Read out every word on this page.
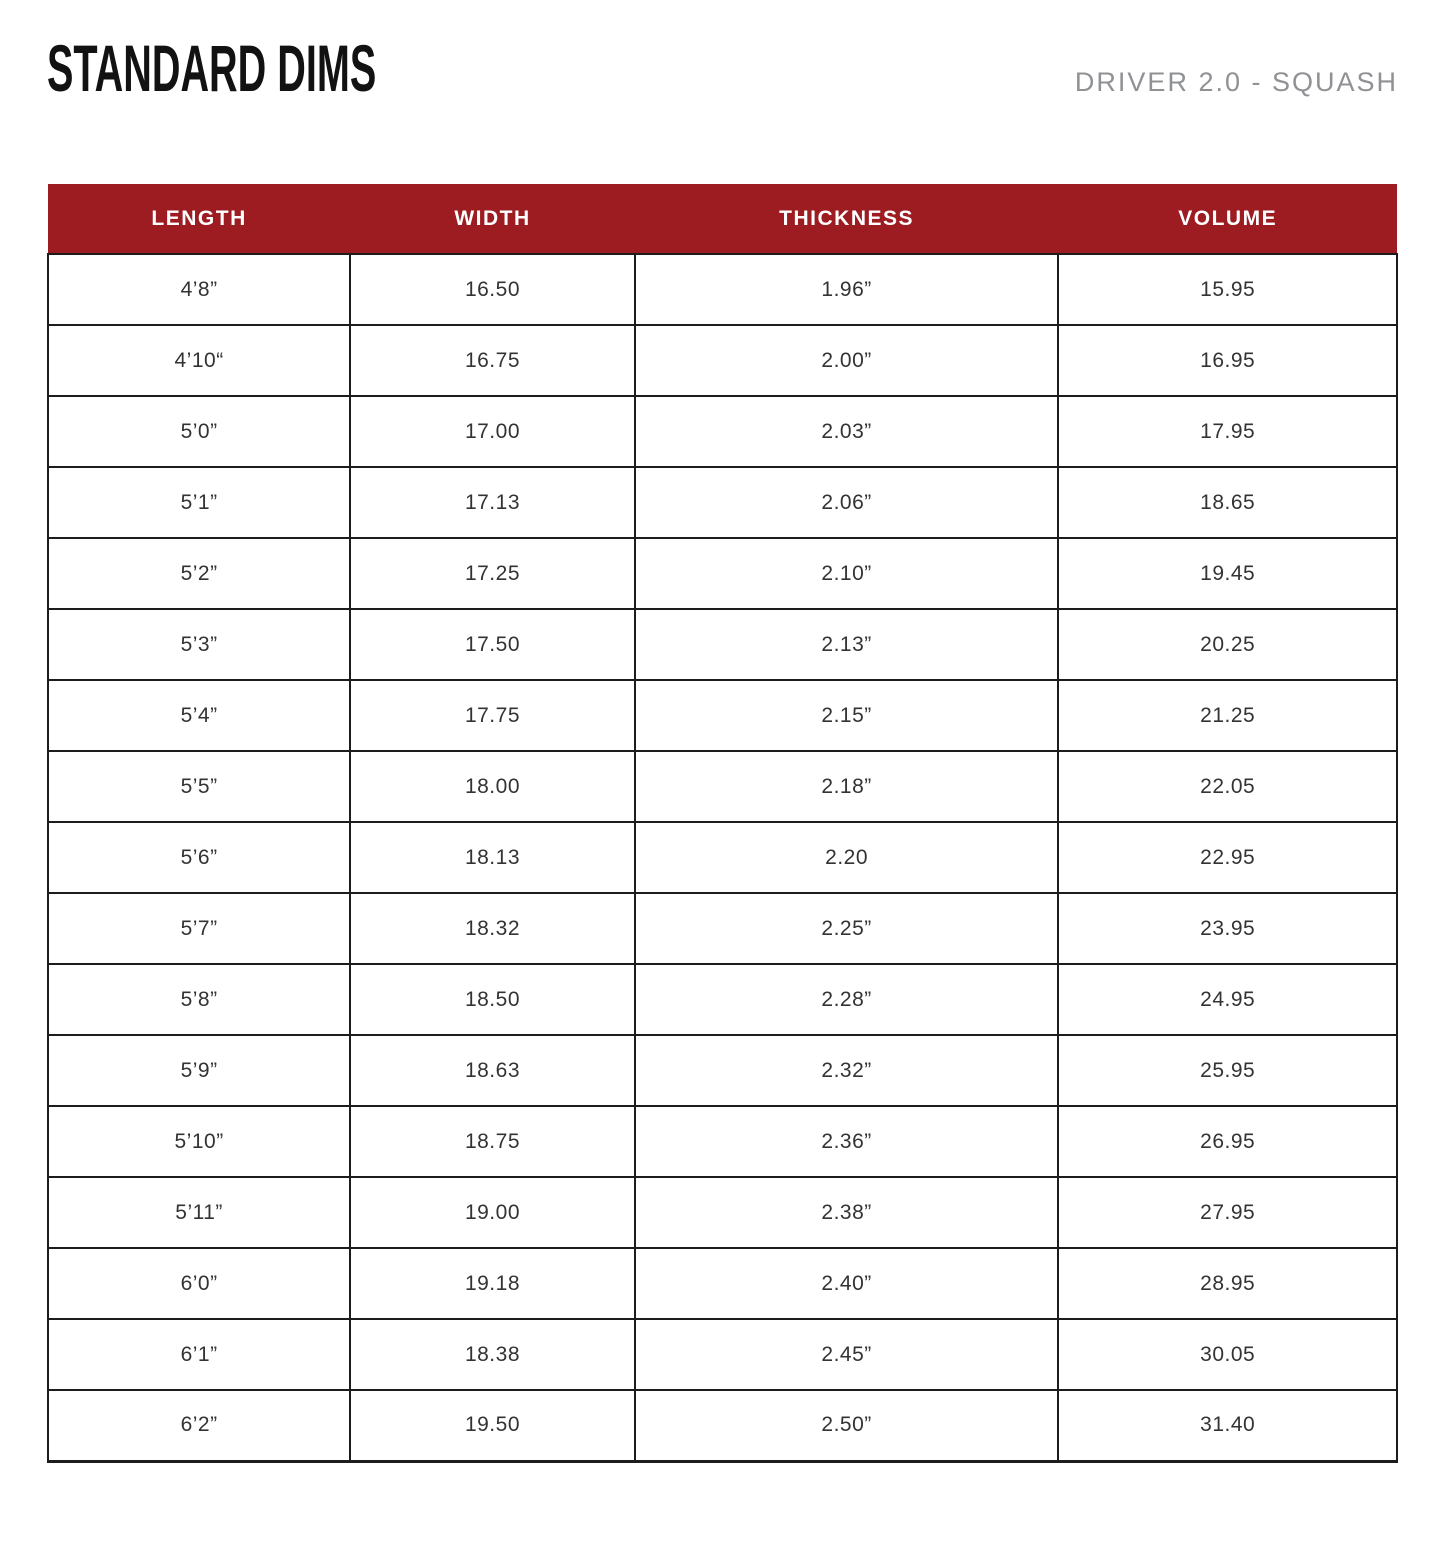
STANDARD DIMS	DRIVER 2.0 - SQUASH
LENGTH	WIDTH	THICKNESS	VOLUME
4’8”	16.50	1.96”	15.95
4’10“	16.75	2.00”	16.95
5’0”	17.00	2.03”	17.95
5’1”	17.13	2.06”	18.65
5’2”	17.25	2.10”	19.45
5’3”	17.50	2.13”	20.25
5’4”	17.75	2.15”	21.25
5’5”	18.00	2.18”	22.05
5’6”	18.13	2.20	22.95
5’7”	18.32	2.25”	23.95
5’8”	18.50	2.28”	24.95
5’9”	18.63	2.32”	25.95
5’10”	18.75	2.36”	26.95
5’11”	19.00	2.38”	27.95
6’0”	19.18	2.40”	28.95
6’1”	18.38	2.45”	30.05
6’2”	19.50	2.50”	31.40
